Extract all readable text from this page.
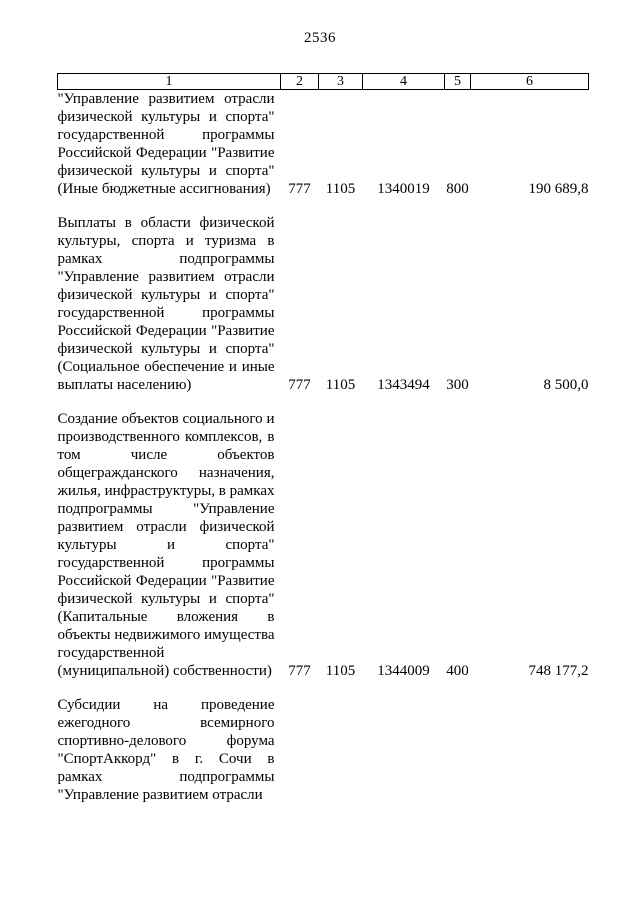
2536
1	2	3	4	5	6
"Управление развитием отрасли физической культуры и спорта" государственной программы Российской Федерации "Развитие физической культуры и спорта" (Иные бюджетные ассигнования)	777	1105	1340019	800	190 689,8
Выплаты в области физической культуры, спорта и туризма в рамках подпрограммы "Управление развитием отрасли физической культуры и спорта" государственной программы Российской Федерации "Развитие физической культуры и спорта" (Социальное обеспечение и иные выплаты населению)	777	1105	1343494	300	8 500,0
Создание объектов социального и производственного комплексов, в том числе объектов общегражданского назначения, жилья, инфраструктуры, в рамках подпрограммы "Управление развитием отрасли физической культуры и спорта" государственной программы Российской Федерации "Развитие физической культуры и спорта" (Капитальные вложения в объекты недвижимого имущества государственной (муниципальной) собственности)	777	1105	1344009	400	748 177,2
Субсидии на проведение ежегодного всемирного спортивно-делового форума "СпортАккорд" в г. Сочи в рамках подпрограммы "Управление развитием отрасли					
